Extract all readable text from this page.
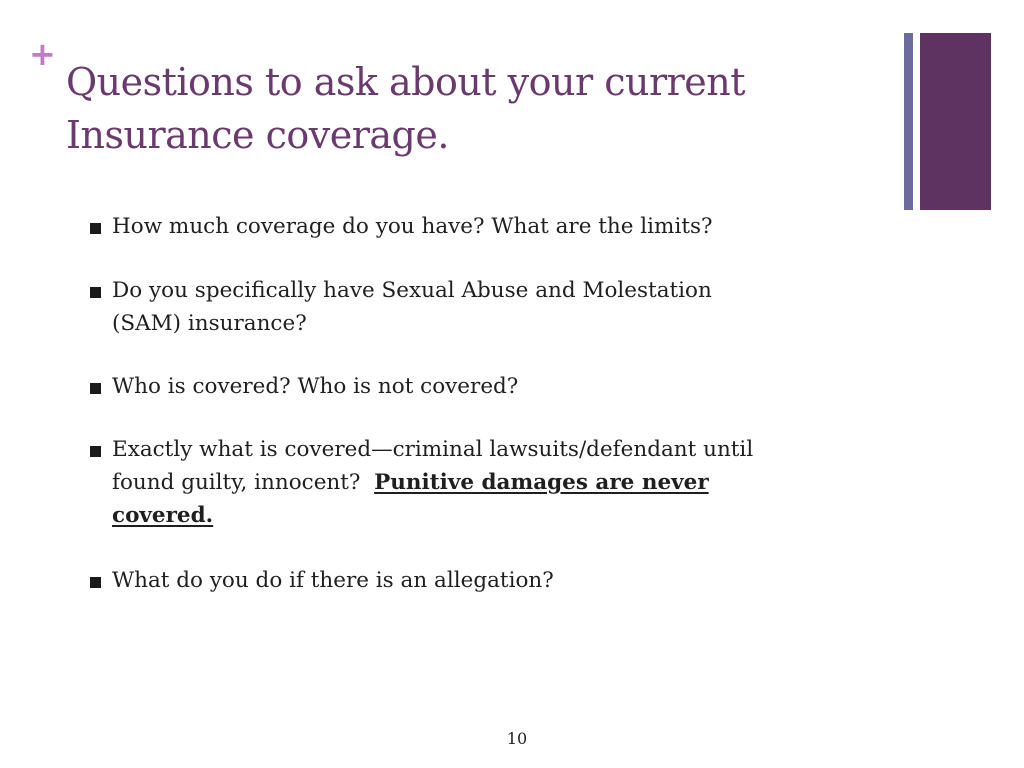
+
Questions to ask about your current
Insurance coverage.
How much coverage do you have? What are the limits?
Do you specifically have Sexual Abuse and Molestation
(SAM) insurance?
Who is covered? Who is not covered?
Exactly what is covered—criminal lawsuits/defendant until
found guilty, innocent?  Punitive damages are never
covered.
What do you do if there is an allegation?
10
